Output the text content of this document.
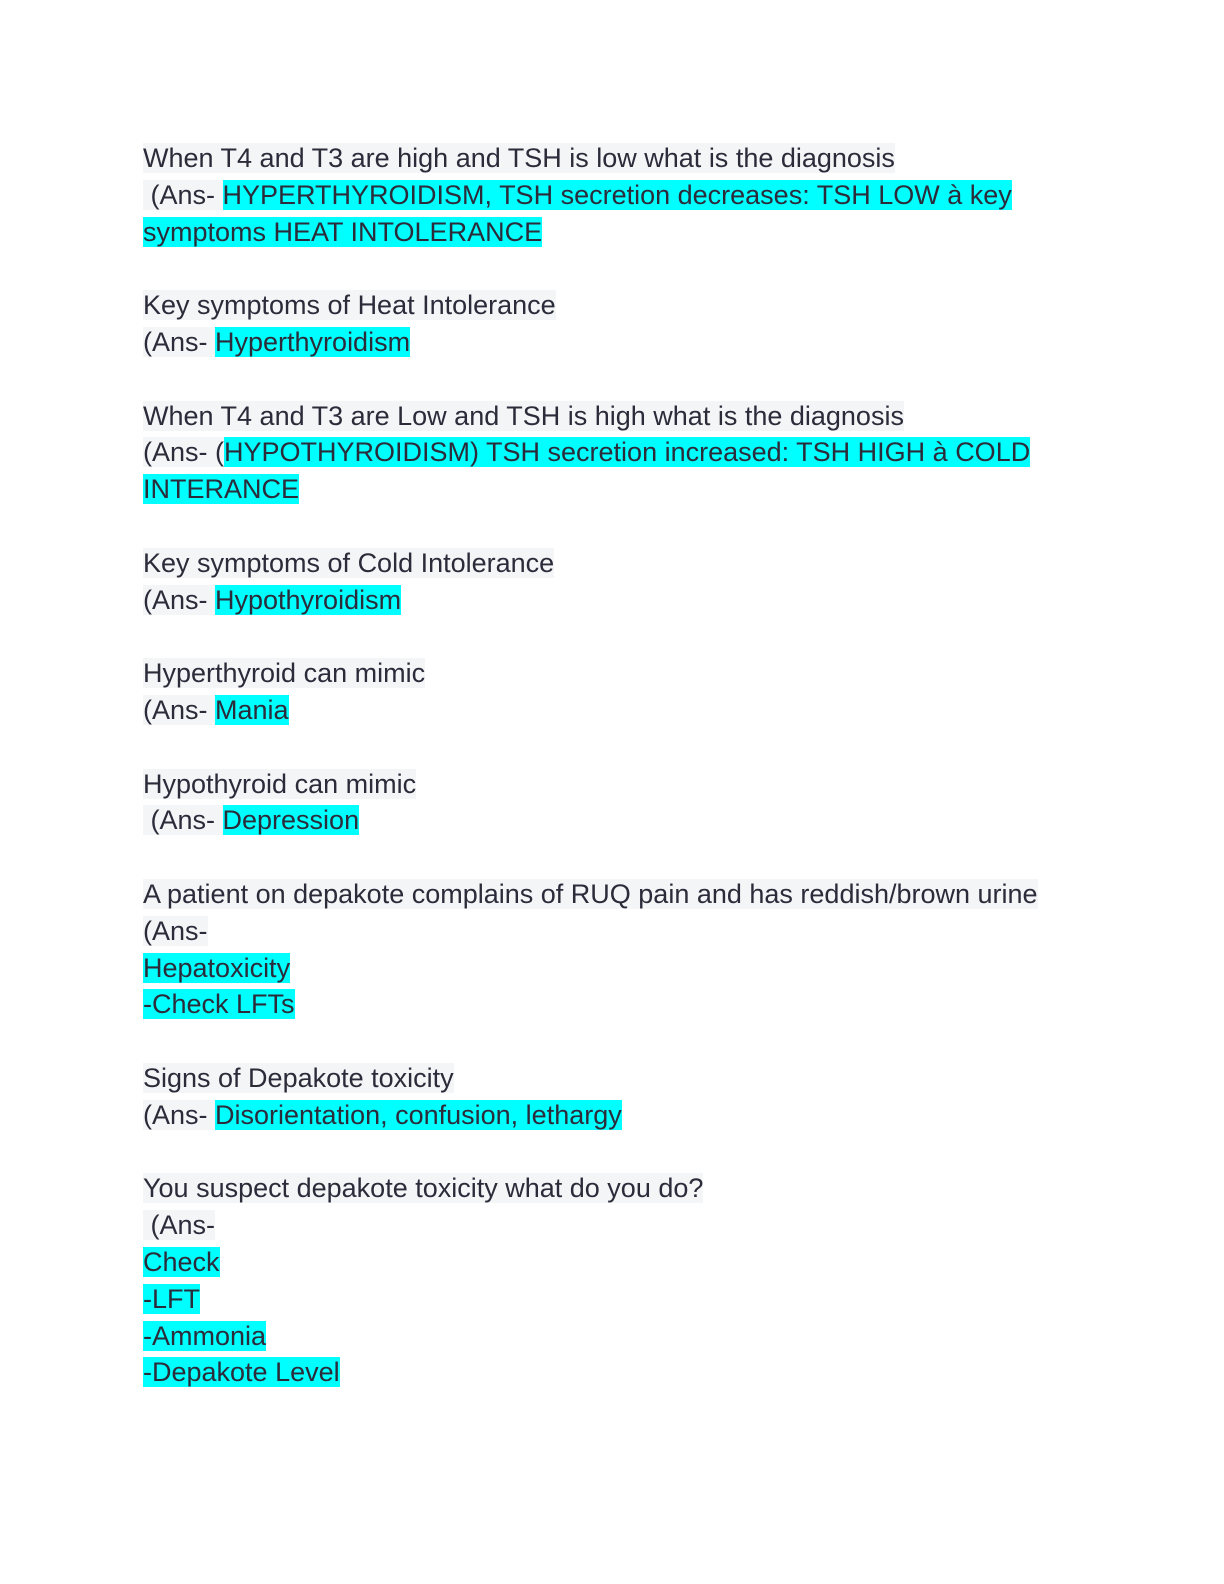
When T4 and T3 are high and TSH is low what is the diagnosis
(Ans- HYPERTHYROIDISM, TSH secretion decreases: TSH LOW à key
symptoms HEAT INTOLERANCE
Key symptoms of Heat Intolerance
(Ans- Hyperthyroidism
When T4 and T3 are Low and TSH is high what is the diagnosis
(Ans- (HYPOTHYROIDISM) TSH secretion increased: TSH HIGH à COLD
INTERANCE
Key symptoms of Cold Intolerance
(Ans- Hypothyroidism
Hyperthyroid can mimic
(Ans- Mania
Hypothyroid can mimic
(Ans- Depression
A patient on depakote complains of RUQ pain and has reddish/brown urine
(Ans-
Hepatoxicity
-Check LFTs
Signs of Depakote toxicity
(Ans- Disorientation, confusion, lethargy
You suspect depakote toxicity what do you do?
(Ans-
Check
-LFT
-Ammonia
-Depakote Level
